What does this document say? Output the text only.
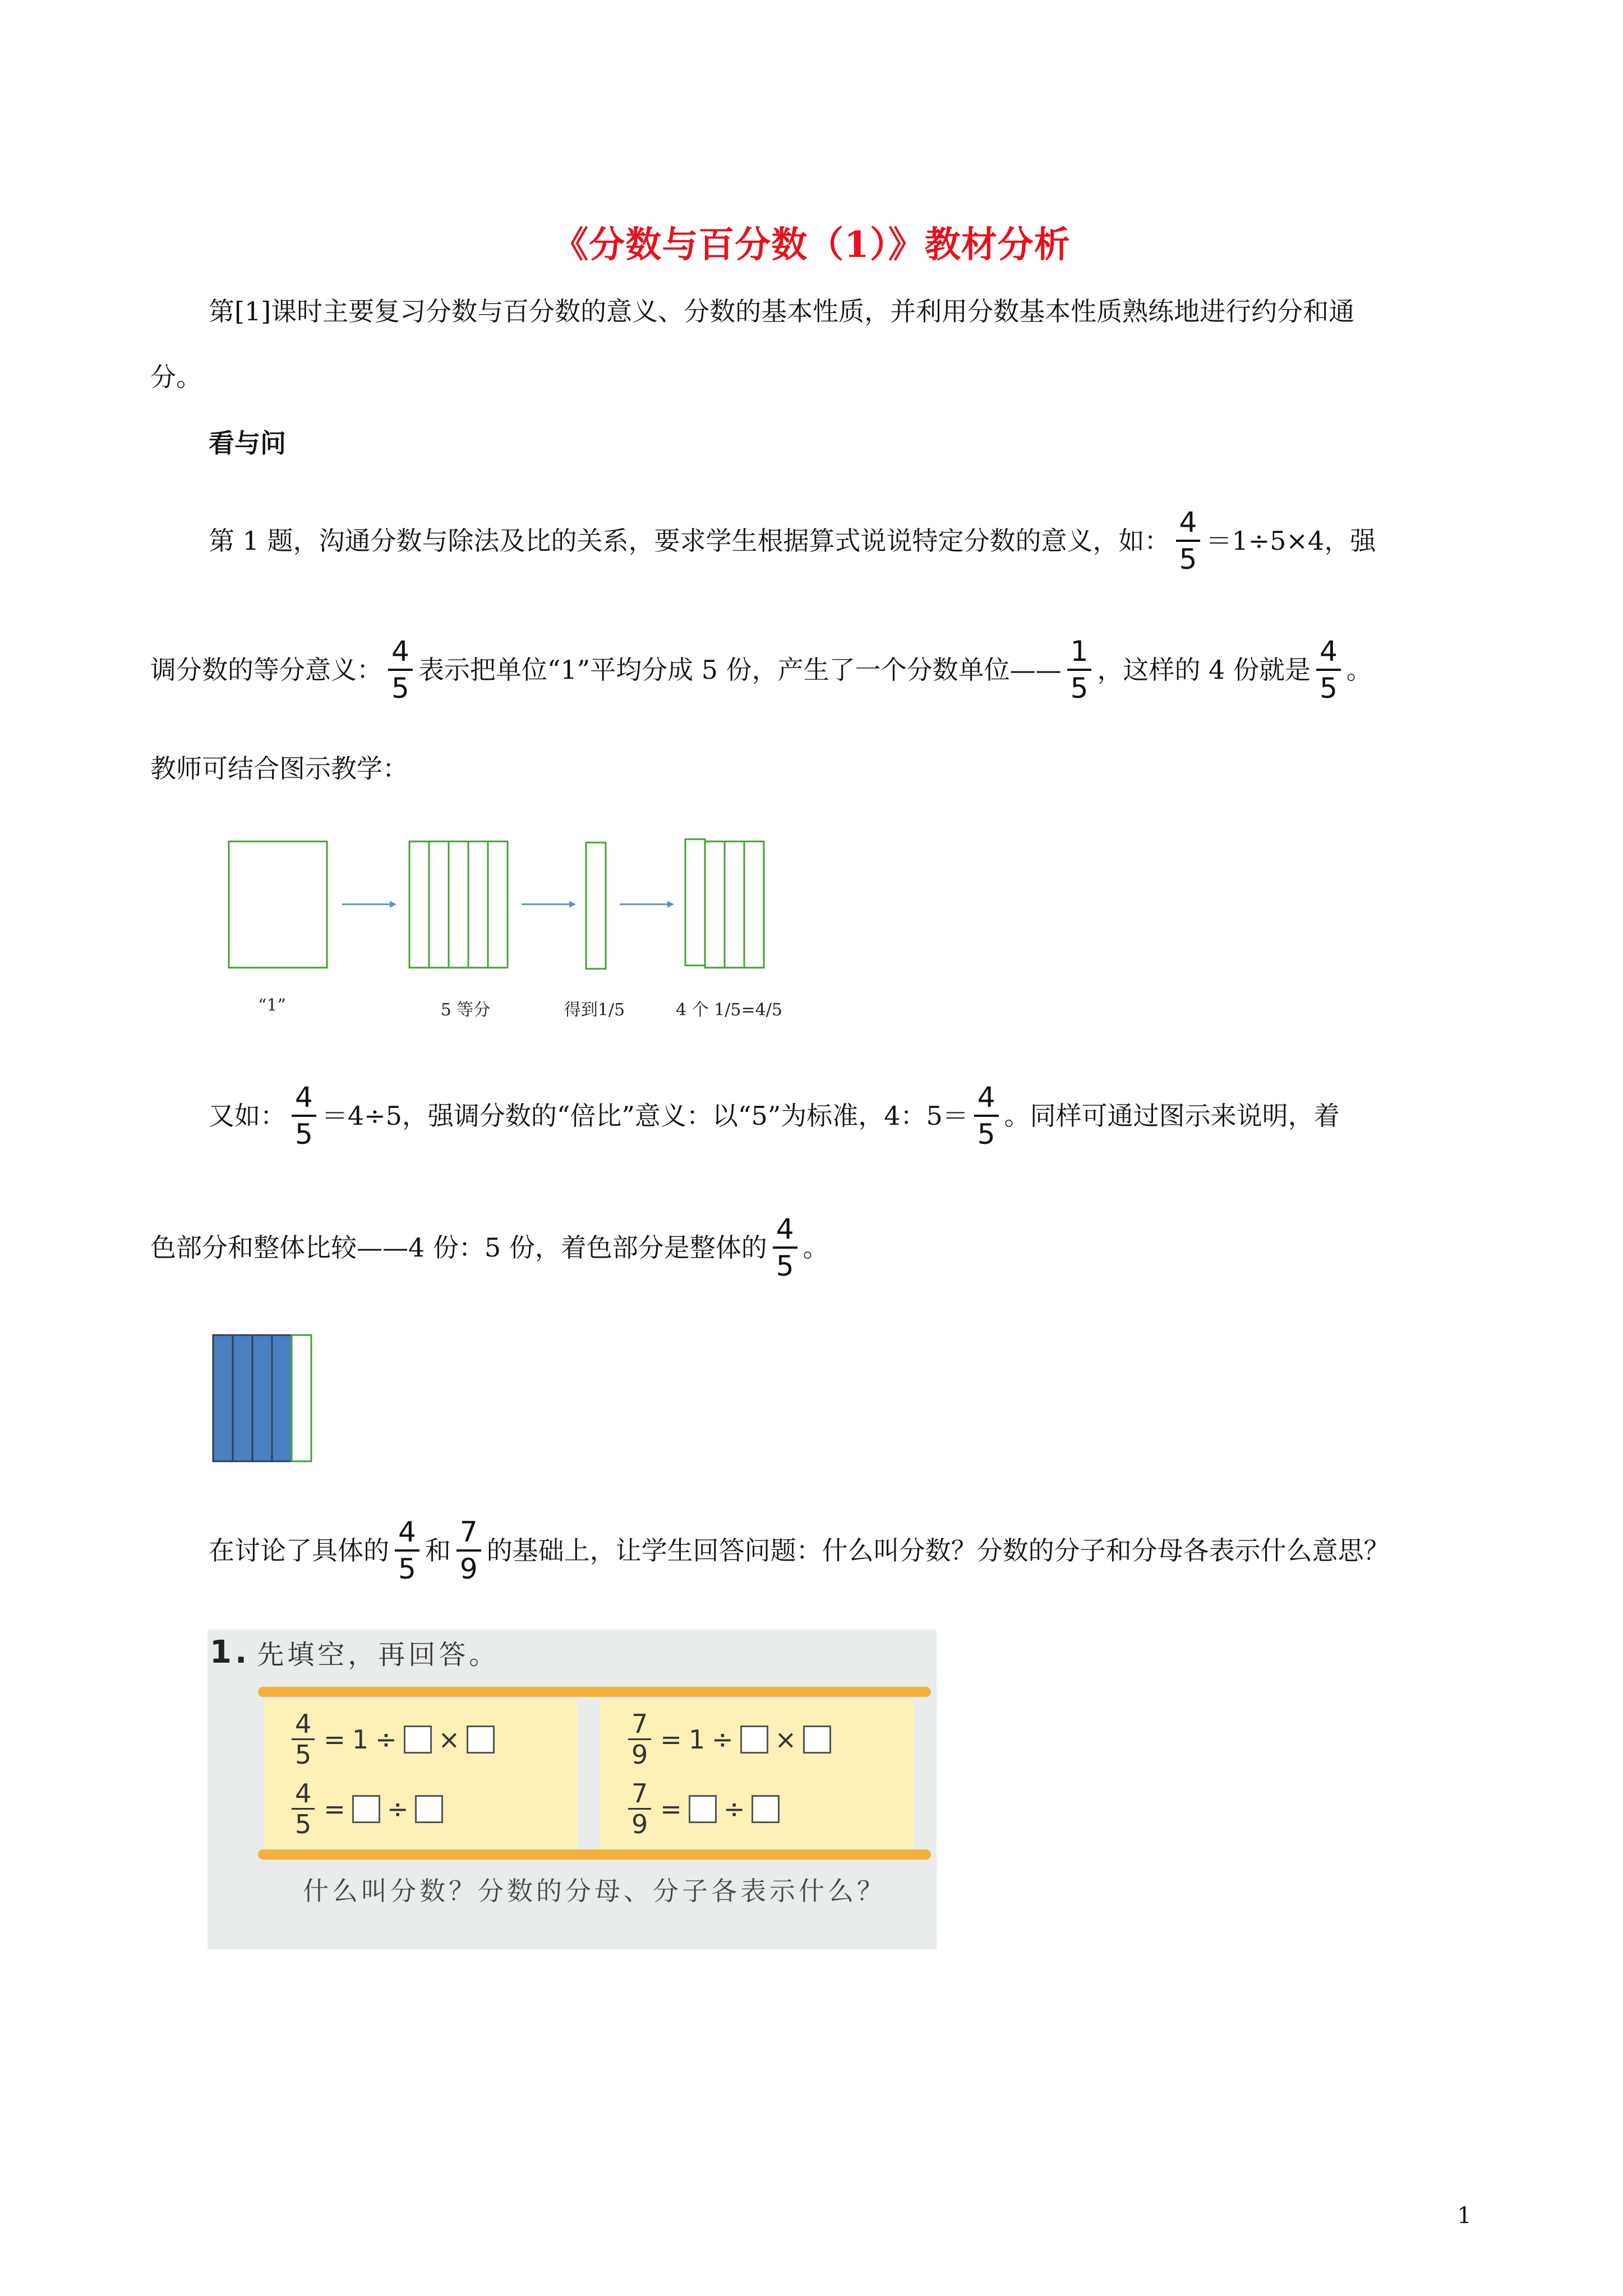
《分数与百分数（1）》教材分析
第[1]课时主要复习分数与百分数的意义、分数的基本性质，并利用分数基本性质熟练地进行约分和通
分。
看与问
第 1 题，沟通分数与除法及比的关系，要求学生根据算式说说特定分数的意义，如： $\frac{4}{5} =1\div 5\times 4$，强
调分数的等分意义： $\frac{4}{5}$ 表示把单位“1”平均分成 5 份，产生了一个分数单位—— $\frac{1}{5}$ ，这样的 4 份就是 $\frac{4}{5}$ 。
教师可结合图示教学：
“1”	5 等分	得到1/5	4 个 1/5=4/5
又如： $\frac{4}{5} =4\div 5$，强调分数的“倍比”意义：以“5”为标准，4：$5= \frac{4}{5}$ 。同样可通过图示来说明，着
色部分和整体比较——4 份：5 份，着色部分是整体的 $\frac{4}{5}$ 。
在讨论了具体的 $\frac{4}{5}$ 和 $\frac{7}{9}$ 的基础上，让学生回答问题：什么叫分数？分数的分子和分母各表示什么意思？
1. 先填空，再回答。
$\frac{4}{5} = 1$ ÷ ×
$\frac{4}{5}$ = ÷
$\frac{7}{9} = 1$ ÷ ×
$\frac{7}{9}$ = ÷
什么叫分数？分数的分母、分子各表示什么？
1
